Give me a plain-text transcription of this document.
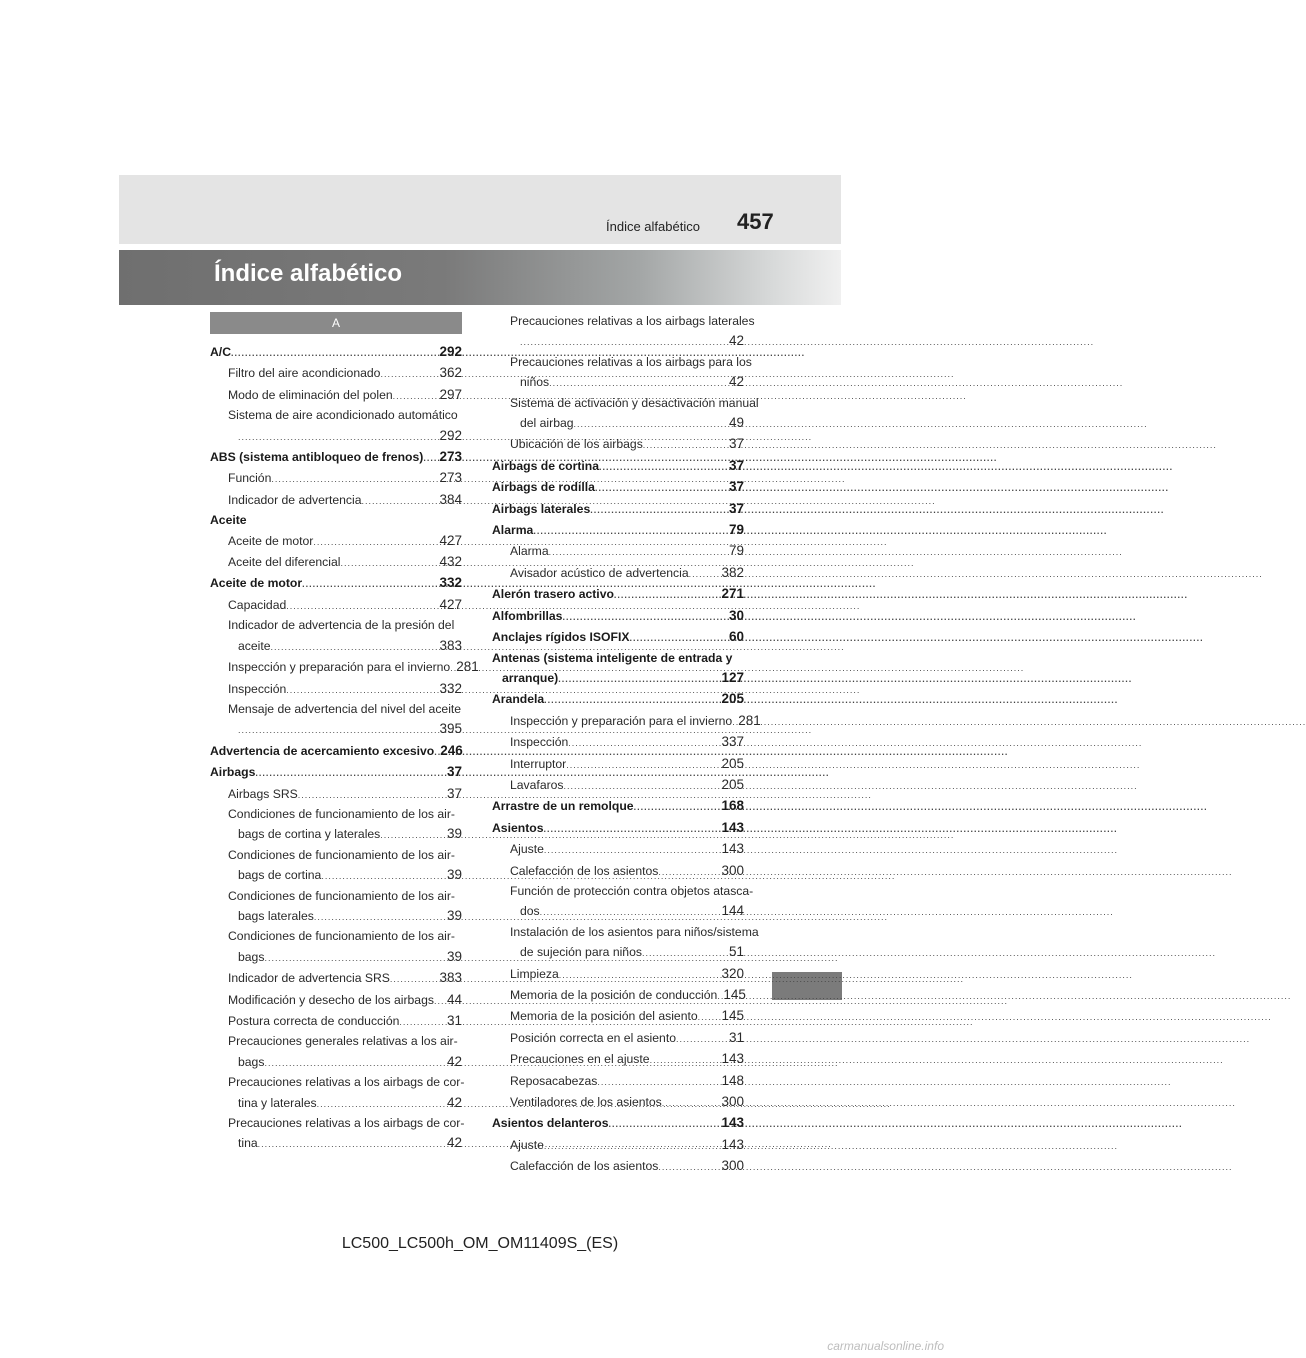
457
Índice alfabético
Índice alfabético
A
A/C .....	292
Filtro del aire acondicionado .....	362
Modo de eliminación del polen .....	297
Sistema de aire acondicionado automático
.....
292
ABS (sistema antibloqueo de frenos) ..... 273
Función .....	273
Indicador de advertencia .....	384
Aceite
Aceite de motor .....	427
Aceite del diferencial .....	432
Aceite de motor .....	332
Capacidad .....	427
Indicador de advertencia de la presión del
aceite .....	383
Inspección y preparación para el invierno ..... 281
Inspección .....	332
Mensaje de advertencia del nivel del aceite
.....
395
Advertencia de acercamiento excesivo ..... 246
Airbags .....	37
Airbags SRS .....	37
Condiciones de funcionamiento de los air-
bags de cortina y laterales .....	39
Condiciones de funcionamiento de los air-
bags de cortina .....	39
Condiciones de funcionamiento de los air-
bags laterales .....	39
Condiciones de funcionamiento de los air-
bags .....	39
Indicador de advertencia SRS .....	383
Modificación y desecho de los airbags ..... 44
Postura correcta de conducción .....	31
Precauciones generales relativas a los air-
bags .....	42
Precauciones relativas a los airbags de cor-
tina y laterales .....	42
Precauciones relativas a los airbags de cor-
tina .....	42
Precauciones relativas a los airbags laterales
.....
42
Precauciones relativas a los airbags para los
niños .....	42
Sistema de activación y desactivación manual
del airbag .....	49
Ubicación de los airbags .....	37
Airbags de cortina .....	37
Airbags de rodilla .....	37
Airbags laterales .....	37
Alarma .....	79
Alarma .....	79
Avisador acústico de advertencia ..... 382
Alerón trasero activo .....	271
Alfombrillas .....	30
Anclajes rígidos ISOFIX .....	60
Antenas (sistema inteligente de entrada y
arranque) .....	127
Arandela .....	205
Inspección y preparación para el invierno ..... 281
Inspección .....	337
Interruptor .....	205
Lavafaros .....	205
Arrastre de un remolque .....	168
Asientos .....	143
Ajuste .....	143
Calefacción de los asientos .....	300
Función de protección contra objetos atasca-
dos .....	144
Instalación de los asientos para niños/sistema
de sujeción para niños .....	51
Limpieza .....	320
Memoria de la posición de conducción ..... 145
Memoria de la posición del asiento ..... 145
Posición correcta en el asiento .....	31
Precauciones en el ajuste .....	143
Reposacabezas .....	148
Ventiladores de los asientos .....	300
Asientos delanteros .....	143
Ajuste .....	143
Calefacción de los asientos .....	300
LC500_LC500h_OM_OM11409S_(ES)
carmanualsonline.info
